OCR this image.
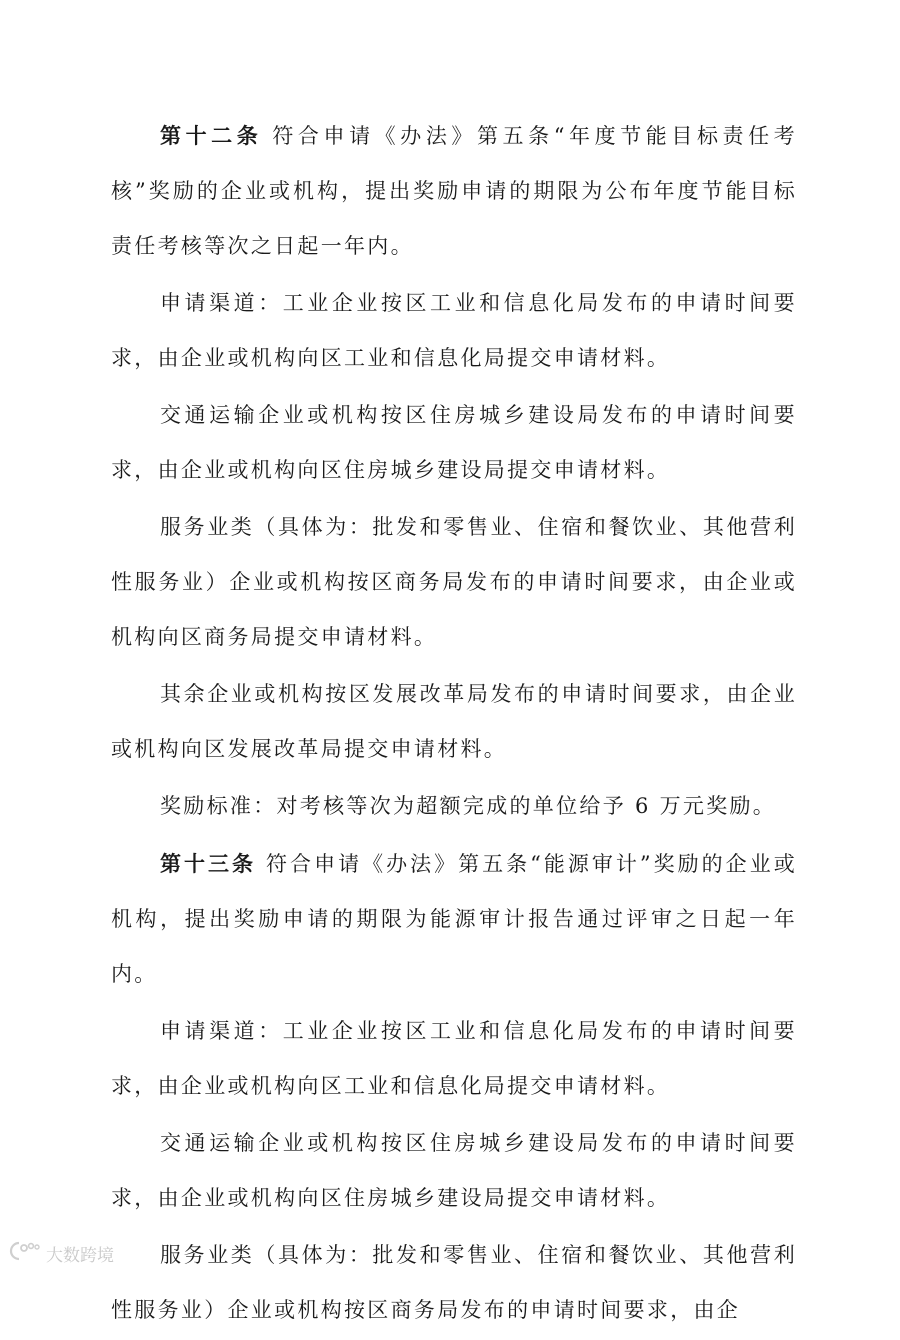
第十二条 符合申请《办法》第五条“年度节能目标责任考核”奖励的企业或机构，提出奖励申请的期限为公布年度节能目标责任考核等次之日起一年内。

申请渠道：工业企业按区工业和信息化局发布的申请时间要求，由企业或机构向区工业和信息化局提交申请材料。

交通运输企业或机构按区住房城乡建设局发布的申请时间要求，由企业或机构向区住房城乡建设局提交申请材料。

服务业类（具体为：批发和零售业、住宿和餐饮业、其他营利性服务业）企业或机构按区商务局发布的申请时间要求，由企业或机构向区商务局提交申请材料。

其余企业或机构按区发展改革局发布的申请时间要求，由企业或机构向区发展改革局提交申请材料。

奖励标准：对考核等次为超额完成的单位给予 6 万元奖励。

第十三条 符合申请《办法》第五条“能源审计”奖励的企业或机构，提出奖励申请的期限为能源审计报告通过评审之日起一年内。

申请渠道：工业企业按区工业和信息化局发布的申请时间要求，由企业或机构向区工业和信息化局提交申请材料。

交通运输企业或机构按区住房城乡建设局发布的申请时间要求，由企业或机构向区住房城乡建设局提交申请材料。

服务业类（具体为：批发和零售业、住宿和餐饮业、其他营利性服务业）企业或机构按区商务局发布的申请时间要求，由企

大数跨境
